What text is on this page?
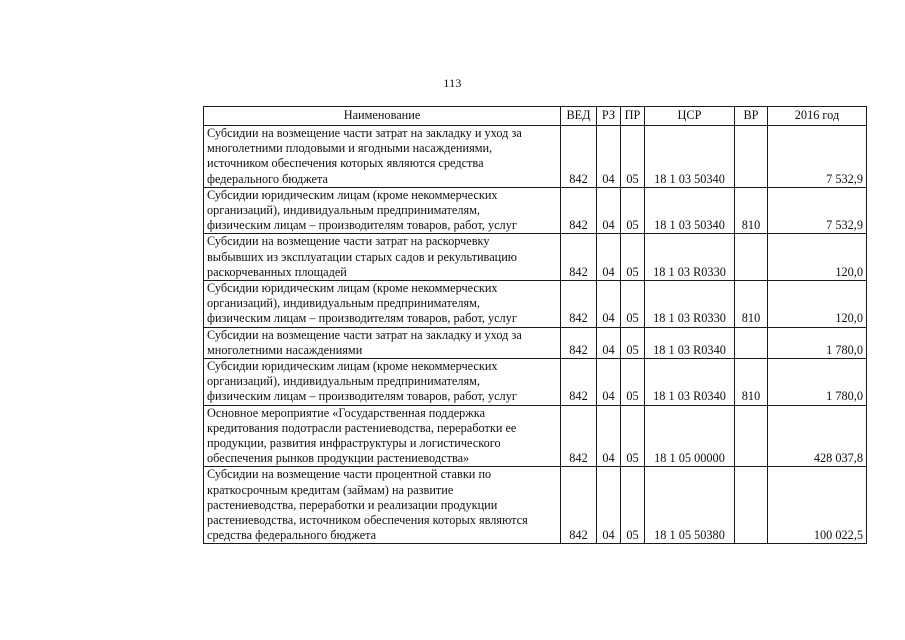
113
Наименование	ВЕД	РЗ	ПР	ЦСР	ВР	2016 год

Субсидии на возмещение части затрат на закладку и уход за
многолетними плодовыми и ягодными насаждениями,
источником обеспечения которых являются средства
федерального бюджета	842	04	05	18 1 03 50340		7 532,9

Субсидии юридическим лицам (кроме некоммерческих
организаций), индивидуальным предпринимателям,
физическим лицам – производителям товаров, работ, услуг	842	04	05	18 1 03 50340	810	7 532,9

Субсидии на возмещение части затрат на раскорчевку
выбывших из эксплуатации старых садов и рекультивацию
раскорчеванных площадей	842	04	05	18 1 03 R0330		120,0

Субсидии юридическим лицам (кроме некоммерческих
организаций), индивидуальным предпринимателям,
физическим лицам – производителям товаров, работ, услуг	842	04	05	18 1 03 R0330	810	120,0

Субсидии на возмещение части затрат на закладку и уход за
многолетними насаждениями	842	04	05	18 1 03 R0340		1 780,0

Субсидии юридическим лицам (кроме некоммерческих
организаций), индивидуальным предпринимателям,
физическим лицам – производителям товаров, работ, услуг	842	04	05	18 1 03 R0340	810	1 780,0

Основное мероприятие «Государственная поддержка
кредитования подотрасли растениеводства, переработки ее
продукции, развития инфраструктуры и логистического
обеспечения рынков продукции растениеводства»	842	04	05	18 1 05 00000		428 037,8

Субсидии на возмещение части процентной ставки по
краткосрочным кредитам (займам) на развитие
растениеводства, переработки и реализации продукции
растениеводства, источником обеспечения которых являются
средства федерального бюджета	842	04	05	18 1 05 50380		100 022,5
